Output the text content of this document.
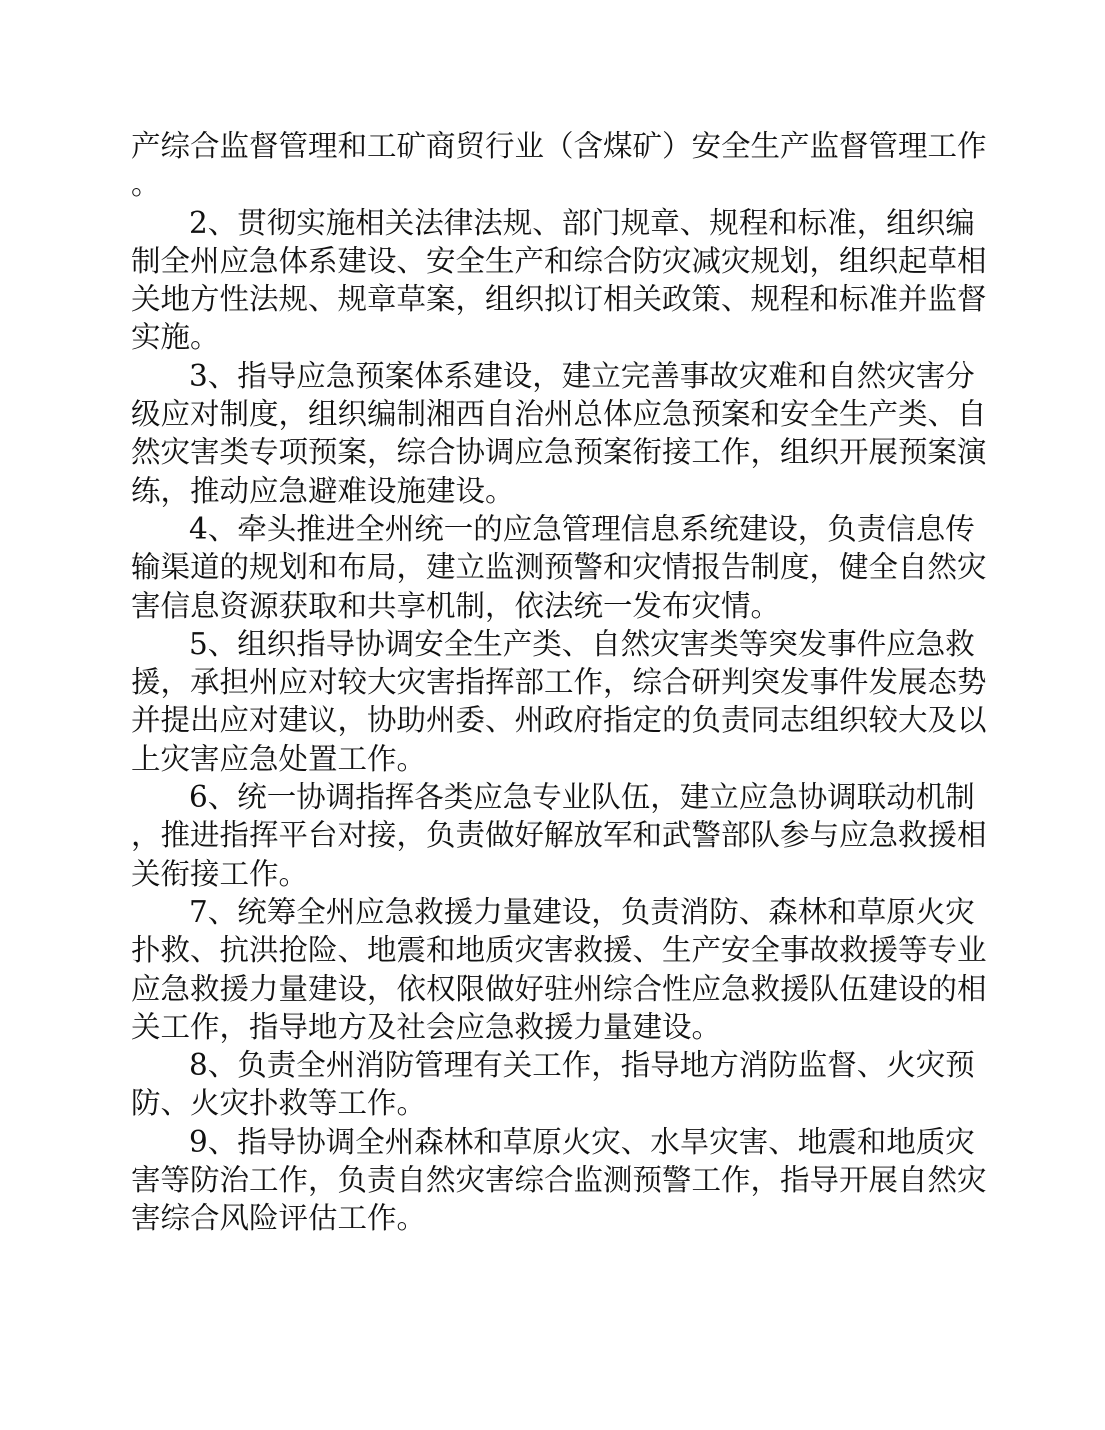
产综合监督管理和工矿商贸行业（含煤矿）安全生产监督管理工作
。
2、贯彻实施相关法律法规、部门规章、规程和标准，组织编
制全州应急体系建设、安全生产和综合防灾减灾规划，组织起草相
关地方性法规、规章草案，组织拟订相关政策、规程和标准并监督
实施。
3、指导应急预案体系建设，建立完善事故灾难和自然灾害分
级应对制度，组织编制湘西自治州总体应急预案和安全生产类、自
然灾害类专项预案，综合协调应急预案衔接工作，组织开展预案演
练，推动应急避难设施建设。
4、牵头推进全州统一的应急管理信息系统建设，负责信息传
输渠道的规划和布局，建立监测预警和灾情报告制度，健全自然灾
害信息资源获取和共享机制，依法统一发布灾情。
5、组织指导协调安全生产类、自然灾害类等突发事件应急救
援，承担州应对较大灾害指挥部工作，综合研判突发事件发展态势
并提出应对建议，协助州委、州政府指定的负责同志组织较大及以
上灾害应急处置工作。
6、统一协调指挥各类应急专业队伍，建立应急协调联动机制
，推进指挥平台对接，负责做好解放军和武警部队参与应急救援相
关衔接工作。
7、统筹全州应急救援力量建设，负责消防、森林和草原火灾
扑救、抗洪抢险、地震和地质灾害救援、生产安全事故救援等专业
应急救援力量建设，依权限做好驻州综合性应急救援队伍建设的相
关工作，指导地方及社会应急救援力量建设。
8、负责全州消防管理有关工作，指导地方消防监督、火灾预
防、火灾扑救等工作。
9、指导协调全州森林和草原火灾、水旱灾害、地震和地质灾
害等防治工作，负责自然灾害综合监测预警工作，指导开展自然灾
害综合风险评估工作。
